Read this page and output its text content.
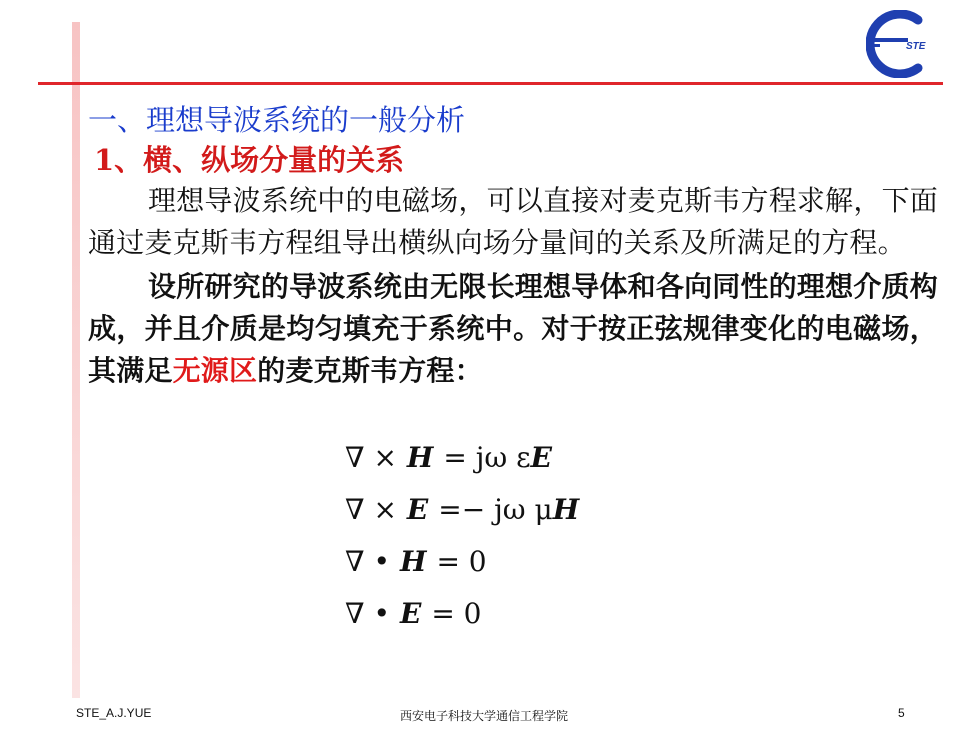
STE

一、理想导波系统的一般分析

1、横、纵场分量的关系

理想导波系统中的电磁场，可以直接对麦克斯韦方程求解，下面通过麦克斯韦方程组导出横纵向场分量间的关系及所满足的方程。

设所研究的导波系统由无限长理想导体和各向同性的理想介质构成，并且介质是均匀填充于系统中。对于按正弦规律变化的电磁场，其满足无源区的麦克斯韦方程：

∇ × H = jω εE
∇ × E =− jω μH
∇ • H = 0
∇ • E = 0
STE_A.J.YUE	西安电子科技大学通信工程学院	5
